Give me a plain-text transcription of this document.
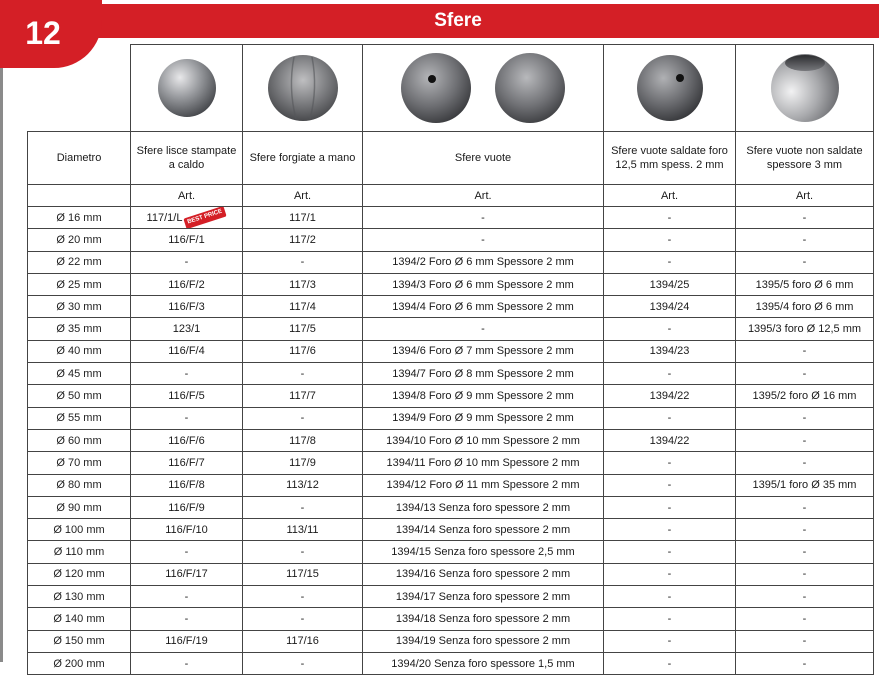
Sfere
12

Diametro	Sfere lisce stampate a caldo	Sfere forgiate a mano	Sfere vuote	Sfere vuote saldate foro 12,5 mm spess. 2 mm	Sfere vuote non saldate spessore 3 mm
	Art.	Art.	Art.	Art.	Art.
Ø 16 mm	117/1/L BEST PRICE	117/1	-	-	-
Ø 20 mm	116/F/1	117/2	-	-	-
Ø 22 mm	-	-	1394/2 Foro Ø 6 mm Spessore 2 mm	-	-
Ø 25 mm	116/F/2	117/3	1394/3 Foro Ø 6 mm Spessore 2 mm	1394/25	1395/5 foro Ø 6 mm
Ø 30 mm	116/F/3	117/4	1394/4 Foro Ø 6 mm Spessore 2 mm	1394/24	1395/4 foro Ø 6 mm
Ø 35 mm	123/1	117/5	-	-	1395/3 foro Ø 12,5 mm
Ø 40 mm	116/F/4	117/6	1394/6 Foro Ø 7 mm Spessore 2 mm	1394/23	-
Ø 45 mm	-	-	1394/7 Foro Ø 8 mm Spessore 2 mm	-	-
Ø 50 mm	116/F/5	117/7	1394/8 Foro Ø 9 mm Spessore 2 mm	1394/22	1395/2 foro Ø 16 mm
Ø 55 mm	-	-	1394/9 Foro Ø 9 mm Spessore 2 mm	-	-
Ø 60 mm	116/F/6	117/8	1394/10 Foro Ø 10 mm Spessore 2 mm	1394/22	-
Ø 70 mm	116/F/7	117/9	1394/11 Foro Ø 10 mm Spessore 2 mm	-	-
Ø 80 mm	116/F/8	113/12	1394/12 Foro Ø 11 mm Spessore 2 mm	-	1395/1 foro Ø 35 mm
Ø 90 mm	116/F/9	-	1394/13 Senza foro spessore 2 mm	-	-
Ø 100 mm	116/F/10	113/11	1394/14 Senza foro spessore 2 mm	-	-
Ø 110 mm	-	-	1394/15 Senza foro spessore 2,5 mm	-	-
Ø 120 mm	116/F/17	117/15	1394/16 Senza foro spessore 2 mm	-	-
Ø 130 mm	-	-	1394/17 Senza foro spessore 2 mm	-	-
Ø 140 mm	-	-	1394/18 Senza foro spessore 2 mm	-	-
Ø 150 mm	116/F/19	117/16	1394/19 Senza foro spessore 2 mm	-	-
Ø 200 mm	-	-	1394/20 Senza foro spessore 1,5 mm	-	-
